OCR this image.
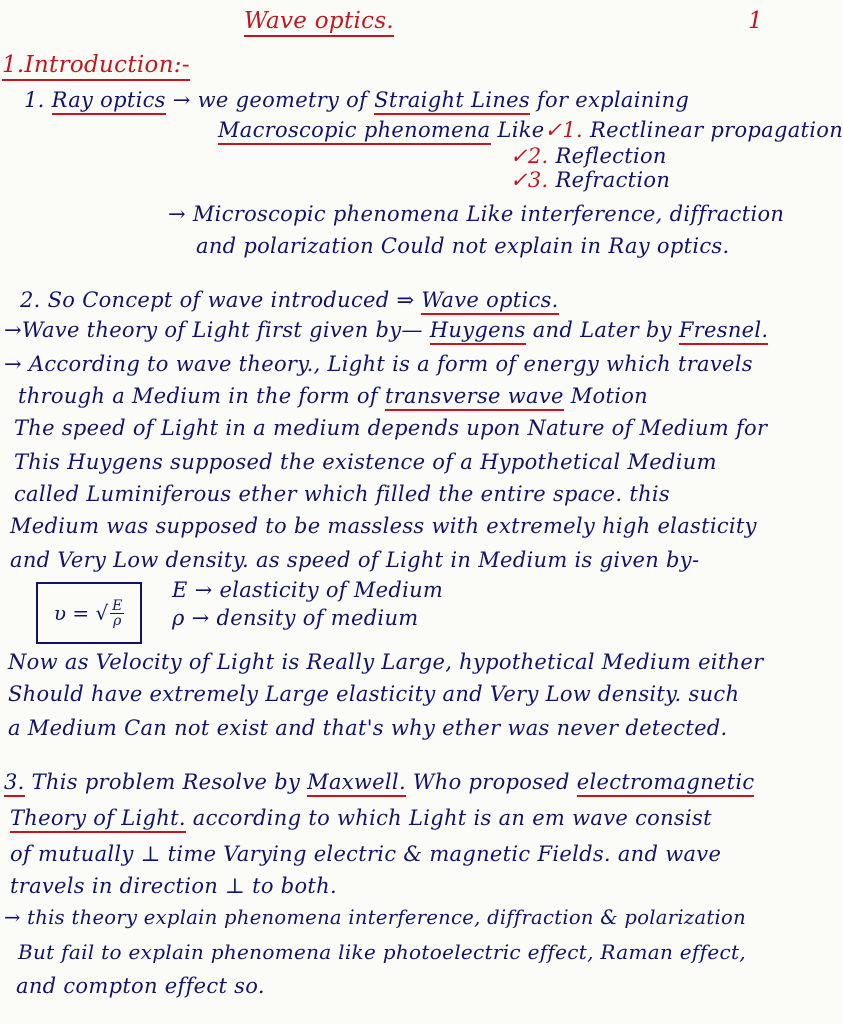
Wave optics.	1
1.Introduction:-
1. Ray optics → we geometry of Straight Lines for explaining
Macroscopic phenomena Like✓1. Rectlinear propagation
✓2. Reflection
✓3. Refraction
→ Microscopic phenomena Like interference, diffraction
and polarization Could not explain in Ray optics.
2. So Concept of wave introduced ⇒ Wave optics.
→Wave theory of Light first given by— Huygens and Later by Fresnel.
→ According to wave theory., Light is a form of energy which travels
through a Medium in the form of transverse wave Motion
The speed of Light in a medium depends upon Nature of Medium for
This Huygens supposed the existence of a Hypothetical Medium
called Luminiferous ether which filled the entire space. this
Medium was supposed to be massless with extremely high elasticity
and Very Low density. as speed of Light in Medium is given by-
υ = √ $\frac{E}{\rho}$
E → elasticity of Medium
ρ → density of medium
Now as Velocity of Light is Really Large, hypothetical Medium either
Should have extremely Large elasticity and Very Low density. such
a Medium Can not exist and that's why ether was never detected.
3. This problem Resolve by Maxwell. Who proposed electromagnetic
Theory of Light. according to which Light is an em wave consist
of mutually ⊥ time Varying electric & magnetic Fields. and wave
travels in direction ⊥ to both.
→ this theory explain phenomena interference, diffraction & polarization
But fail to explain phenomena like photoelectric effect, Raman effect,
and compton effect so.
